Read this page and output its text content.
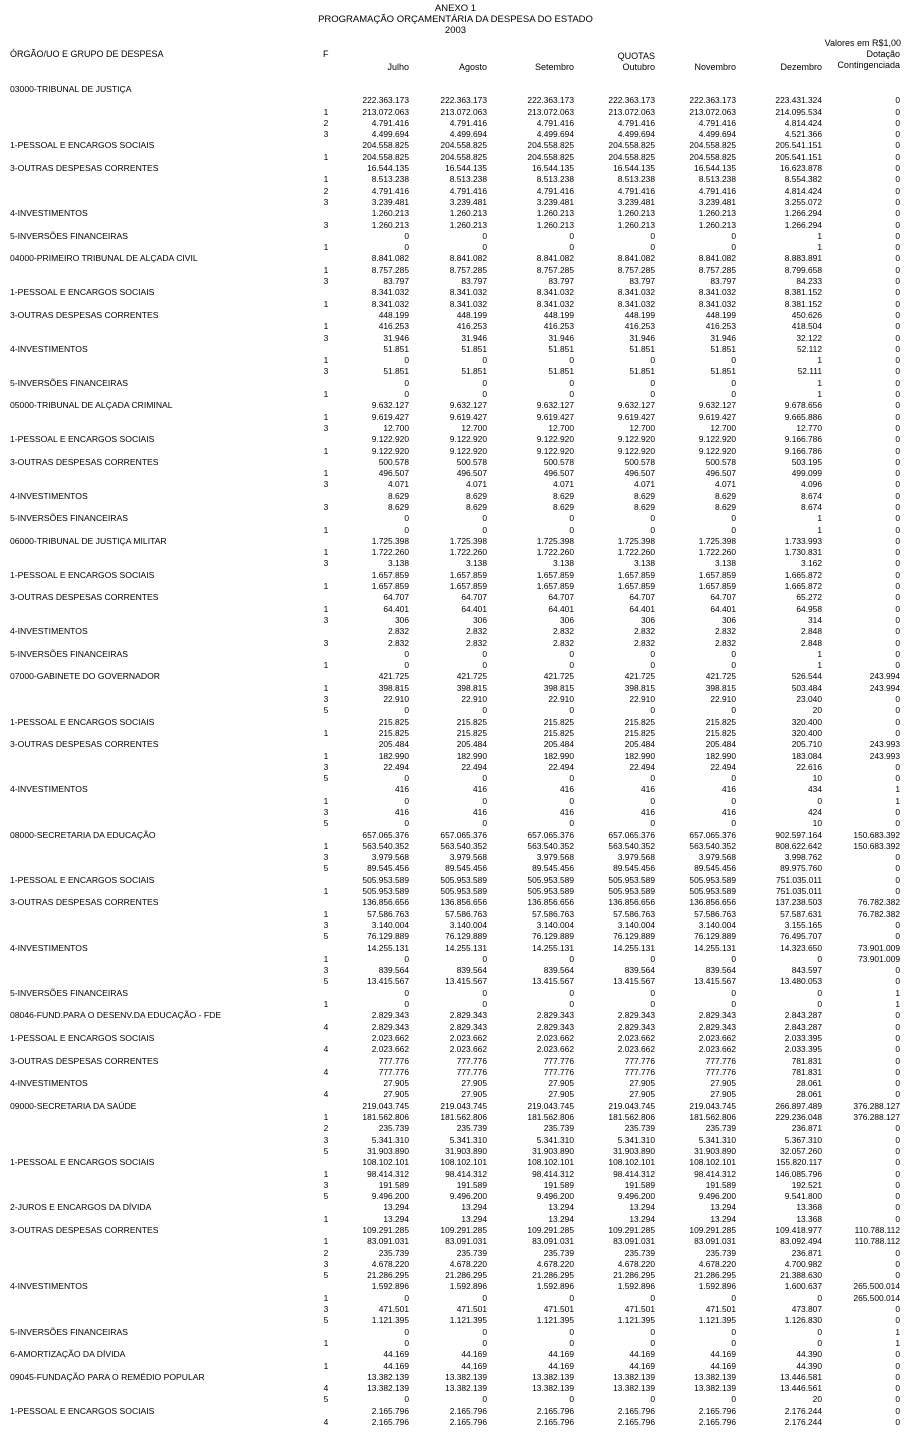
ANEXO 1
PROGRAMAÇÃO ORÇAMENTÁRIA DA DESPESA DO ESTADO
2003
Valores em R$1,00
ÓRGÃO/UO E GRUPO DE DESPESA	F	QUOTAS	Dotação
Contingenciada
Julho	Agosto	Setembro	Outubro	Novembro	Dezembro
03000-TRIBUNAL DE JUSTIÇA
222.363.173	222.363.173	222.363.173	222.363.173	222.363.173	223.431.324	0
1	213.072.063	213.072.063	213.072.063	213.072.063	213.072.063	214.095.534	0
2	4.791.416	4.791.416	4.791.416	4.791.416	4.791.416	4.814.424	0
3	4.499.694	4.499.694	4.499.694	4.499.694	4.499.694	4.521.366	0
1-PESSOAL E ENCARGOS SOCIAIS	204.558.825	204.558.825	204.558.825	204.558.825	204.558.825	205.541.151	0
1	204.558.825	204.558.825	204.558.825	204.558.825	204.558.825	205.541.151	0
3-OUTRAS DESPESAS CORRENTES	16.544.135	16.544.135	16.544.135	16.544.135	16.544.135	16.623.878	0
1	8.513.238	8.513.238	8.513.238	8.513.238	8.513.238	8.554.382	0
2	4.791.416	4.791.416	4.791.416	4.791.416	4.791.416	4.814.424	0
3	3.239.481	3.239.481	3.239.481	3.239.481	3.239.481	3.255.072	0
4-INVESTIMENTOS	1.260.213	1.260.213	1.260.213	1.260.213	1.260.213	1.266.294	0
3	1.260.213	1.260.213	1.260.213	1.260.213	1.260.213	1.266.294	0
5-INVERSÕES FINANCEIRAS	0	0	0	0	0	1	0
1	0	0	0	0	0	1	0
04000-PRIMEIRO TRIBUNAL DE ALÇADA CIVIL	8.841.082	8.841.082	8.841.082	8.841.082	8.841.082	8.883.891	0
1	8.757.285	8.757.285	8.757.285	8.757.285	8.757.285	8.799.658	0
3	83.797	83.797	83.797	83.797	83.797	84.233	0
1-PESSOAL E ENCARGOS SOCIAIS	8.341.032	8.341.032	8.341.032	8.341.032	8.341.032	8.381.152	0
1	8.341.032	8.341.032	8.341.032	8.341.032	8.341.032	8.381.152	0
3-OUTRAS DESPESAS CORRENTES	448.199	448.199	448.199	448.199	448.199	450.626	0
1	416.253	416.253	416.253	416.253	416.253	418.504	0
3	31.946	31.946	31.946	31.946	31.946	32.122	0
4-INVESTIMENTOS	51.851	51.851	51.851	51.851	51.851	52.112	0
1	0	0	0	0	0	1	0
3	51.851	51.851	51.851	51.851	51.851	52.111	0
5-INVERSÕES FINANCEIRAS	0	0	0	0	0	1	0
1	0	0	0	0	0	1	0
05000-TRIBUNAL DE ALÇADA CRIMINAL	9.632.127	9.632.127	9.632.127	9.632.127	9.632.127	9.678.656	0
1	9.619.427	9.619.427	9.619.427	9.619.427	9.619.427	9.665.886	0
3	12.700	12.700	12.700	12.700	12.700	12.770	0
1-PESSOAL E ENCARGOS SOCIAIS	9.122.920	9.122.920	9.122.920	9.122.920	9.122.920	9.166.786	0
1	9.122.920	9.122.920	9.122.920	9.122.920	9.122.920	9.166.786	0
3-OUTRAS DESPESAS CORRENTES	500.578	500.578	500.578	500.578	500.578	503.195	0
1	496.507	496.507	496.507	496.507	496.507	499.099	0
3	4.071	4.071	4.071	4.071	4.071	4.096	0
4-INVESTIMENTOS	8.629	8.629	8.629	8.629	8.629	8.674	0
3	8.629	8.629	8.629	8.629	8.629	8.674	0
5-INVERSÕES FINANCEIRAS	0	0	0	0	0	1	0
1	0	0	0	0	0	1	0
06000-TRIBUNAL DE JUSTIÇA MILITAR	1.725.398	1.725.398	1.725.398	1.725.398	1.725.398	1.733.993	0
1	1.722.260	1.722.260	1.722.260	1.722.260	1.722.260	1.730.831	0
3	3.138	3.138	3.138	3.138	3.138	3.162	0
1-PESSOAL E ENCARGOS SOCIAIS	1.657.859	1.657.859	1.657.859	1.657.859	1.657.859	1.665.872	0
1	1.657.859	1.657.859	1.657.859	1.657.859	1.657.859	1.665.872	0
3-OUTRAS DESPESAS CORRENTES	64.707	64.707	64.707	64.707	64.707	65.272	0
1	64.401	64.401	64.401	64.401	64.401	64.958	0
3	306	306	306	306	306	314	0
4-INVESTIMENTOS	2.832	2.832	2.832	2.832	2.832	2.848	0
3	2.832	2.832	2.832	2.832	2.832	2.848	0
5-INVERSÕES FINANCEIRAS	0	0	0	0	0	1	0
1	0	0	0	0	0	1	0
07000-GABINETE DO GOVERNADOR	421.725	421.725	421.725	421.725	421.725	526.544	243.994
1	398.815	398.815	398.815	398.815	398.815	503.484	243.994
3	22.910	22.910	22.910	22.910	22.910	23.040	0
5	0	0	0	0	0	20	0
1-PESSOAL E ENCARGOS SOCIAIS	215.825	215.825	215.825	215.825	215.825	320.400	0
1	215.825	215.825	215.825	215.825	215.825	320.400	0
3-OUTRAS DESPESAS CORRENTES	205.484	205.484	205.484	205.484	205.484	205.710	243.993
1	182.990	182.990	182.990	182.990	182.990	183.084	243.993
3	22.494	22.494	22.494	22.494	22.494	22.616	0
5	0	0	0	0	0	10	0
4-INVESTIMENTOS	416	416	416	416	416	434	1
1	0	0	0	0	0	0	1
3	416	416	416	416	416	424	0
5	0	0	0	0	0	10	0
08000-SECRETARIA DA EDUCAÇÃO	657.065.376	657.065.376	657.065.376	657.065.376	657.065.376	902.597.164	150.683.392
1	563.540.352	563.540.352	563.540.352	563.540.352	563.540.352	808.622.642	150.683.392
3	3.979.568	3.979.568	3.979.568	3.979.568	3.979.568	3.998.762	0
5	89.545.456	89.545.456	89.545.456	89.545.456	89.545.456	89.975.760	0
1-PESSOAL E ENCARGOS SOCIAIS	505.953.589	505.953.589	505.953.589	505.953.589	505.953.589	751.035.011	0
1	505.953.589	505.953.589	505.953.589	505.953.589	505.953.589	751.035.011	0
3-OUTRAS DESPESAS CORRENTES	136.856.656	136.856.656	136.856.656	136.856.656	136.856.656	137.238.503	76.782.382
1	57.586.763	57.586.763	57.586.763	57.586.763	57.586.763	57.587.631	76.782.382
3	3.140.004	3.140.004	3.140.004	3.140.004	3.140.004	3.155.165	0
5	76.129.889	76.129.889	76.129.889	76.129.889	76.129.889	76.495.707	0
4-INVESTIMENTOS	14.255.131	14.255.131	14.255.131	14.255.131	14.255.131	14.323.650	73.901.009
1	0	0	0	0	0	0	73.901.009
3	839.564	839.564	839.564	839.564	839.564	843.597	0
5	13.415.567	13.415.567	13.415.567	13.415.567	13.415.567	13.480.053	0
5-INVERSÕES FINANCEIRAS	0	0	0	0	0	0	1
1	0	0	0	0	0	0	1
08046-FUND.PARA O DESENV.DA EDUCAÇÃO - FDE	2.829.343	2.829.343	2.829.343	2.829.343	2.829.343	2.843.287	0
4	2.829.343	2.829.343	2.829.343	2.829.343	2.829.343	2.843.287	0
1-PESSOAL E ENCARGOS SOCIAIS	2.023.662	2.023.662	2.023.662	2.023.662	2.023.662	2.033.395	0
4	2.023.662	2.023.662	2.023.662	2.023.662	2.023.662	2.033.395	0
3-OUTRAS DESPESAS CORRENTES	777.776	777.776	777.776	777.776	777.776	781.831	0
4	777.776	777.776	777.776	777.776	777.776	781.831	0
4-INVESTIMENTOS	27.905	27.905	27.905	27.905	27.905	28.061	0
4	27.905	27.905	27.905	27.905	27.905	28.061	0
09000-SECRETARIA DA SAÚDE	219.043.745	219.043.745	219.043.745	219.043.745	219.043.745	266.897.489	376.288.127
1	181.562.806	181.562.806	181.562.806	181.562.806	181.562.806	229.236.048	376.288.127
2	235.739	235.739	235.739	235.739	235.739	236.871	0
3	5.341.310	5.341.310	5.341.310	5.341.310	5.341.310	5.367.310	0
5	31.903.890	31.903.890	31.903.890	31.903.890	31.903.890	32.057.260	0
1-PESSOAL E ENCARGOS SOCIAIS	108.102.101	108.102.101	108.102.101	108.102.101	108.102.101	155.820.117	0
1	98.414.312	98.414.312	98.414.312	98.414.312	98.414.312	146.085.796	0
3	191.589	191.589	191.589	191.589	191.589	192.521	0
5	9.496.200	9.496.200	9.496.200	9.496.200	9.496.200	9.541.800	0
2-JUROS E ENCARGOS DA DÍVIDA	13.294	13.294	13.294	13.294	13.294	13.368	0
1	13.294	13.294	13.294	13.294	13.294	13.368	0
3-OUTRAS DESPESAS CORRENTES	109.291.285	109.291.285	109.291.285	109.291.285	109.291.285	109.418.977	110.788.112
1	83.091.031	83.091.031	83.091.031	83.091.031	83.091.031	83.092.494	110.788.112
2	235.739	235.739	235.739	235.739	235.739	236.871	0
3	4.678.220	4.678.220	4.678.220	4.678.220	4.678.220	4.700.982	0
5	21.286.295	21.286.295	21.286.295	21.286.295	21.286.295	21.388.630	0
4-INVESTIMENTOS	1.592.896	1.592.896	1.592.896	1.592.896	1.592.896	1.600.637	265.500.014
1	0	0	0	0	0	0	265.500.014
3	471.501	471.501	471.501	471.501	471.501	473.807	0
5	1.121.395	1.121.395	1.121.395	1.121.395	1.121.395	1.126.830	0
5-INVERSÕES FINANCEIRAS	0	0	0	0	0	0	1
1	0	0	0	0	0	0	1
6-AMORTIZAÇÃO DA DÍVIDA	44.169	44.169	44.169	44.169	44.169	44.390	0
1	44.169	44.169	44.169	44.169	44.169	44.390	0
09045-FUNDAÇÃO PARA O REMÉDIO POPULAR	13.382.139	13.382.139	13.382.139	13.382.139	13.382.139	13.446.581	0
4	13.382.139	13.382.139	13.382.139	13.382.139	13.382.139	13.446.561	0
5	0	0	0	0	0	20	0
1-PESSOAL E ENCARGOS SOCIAIS	2.165.796	2.165.796	2.165.796	2.165.796	2.165.796	2.176.244	0
4	2.165.796	2.165.796	2.165.796	2.165.796	2.165.796	2.176.244	0
